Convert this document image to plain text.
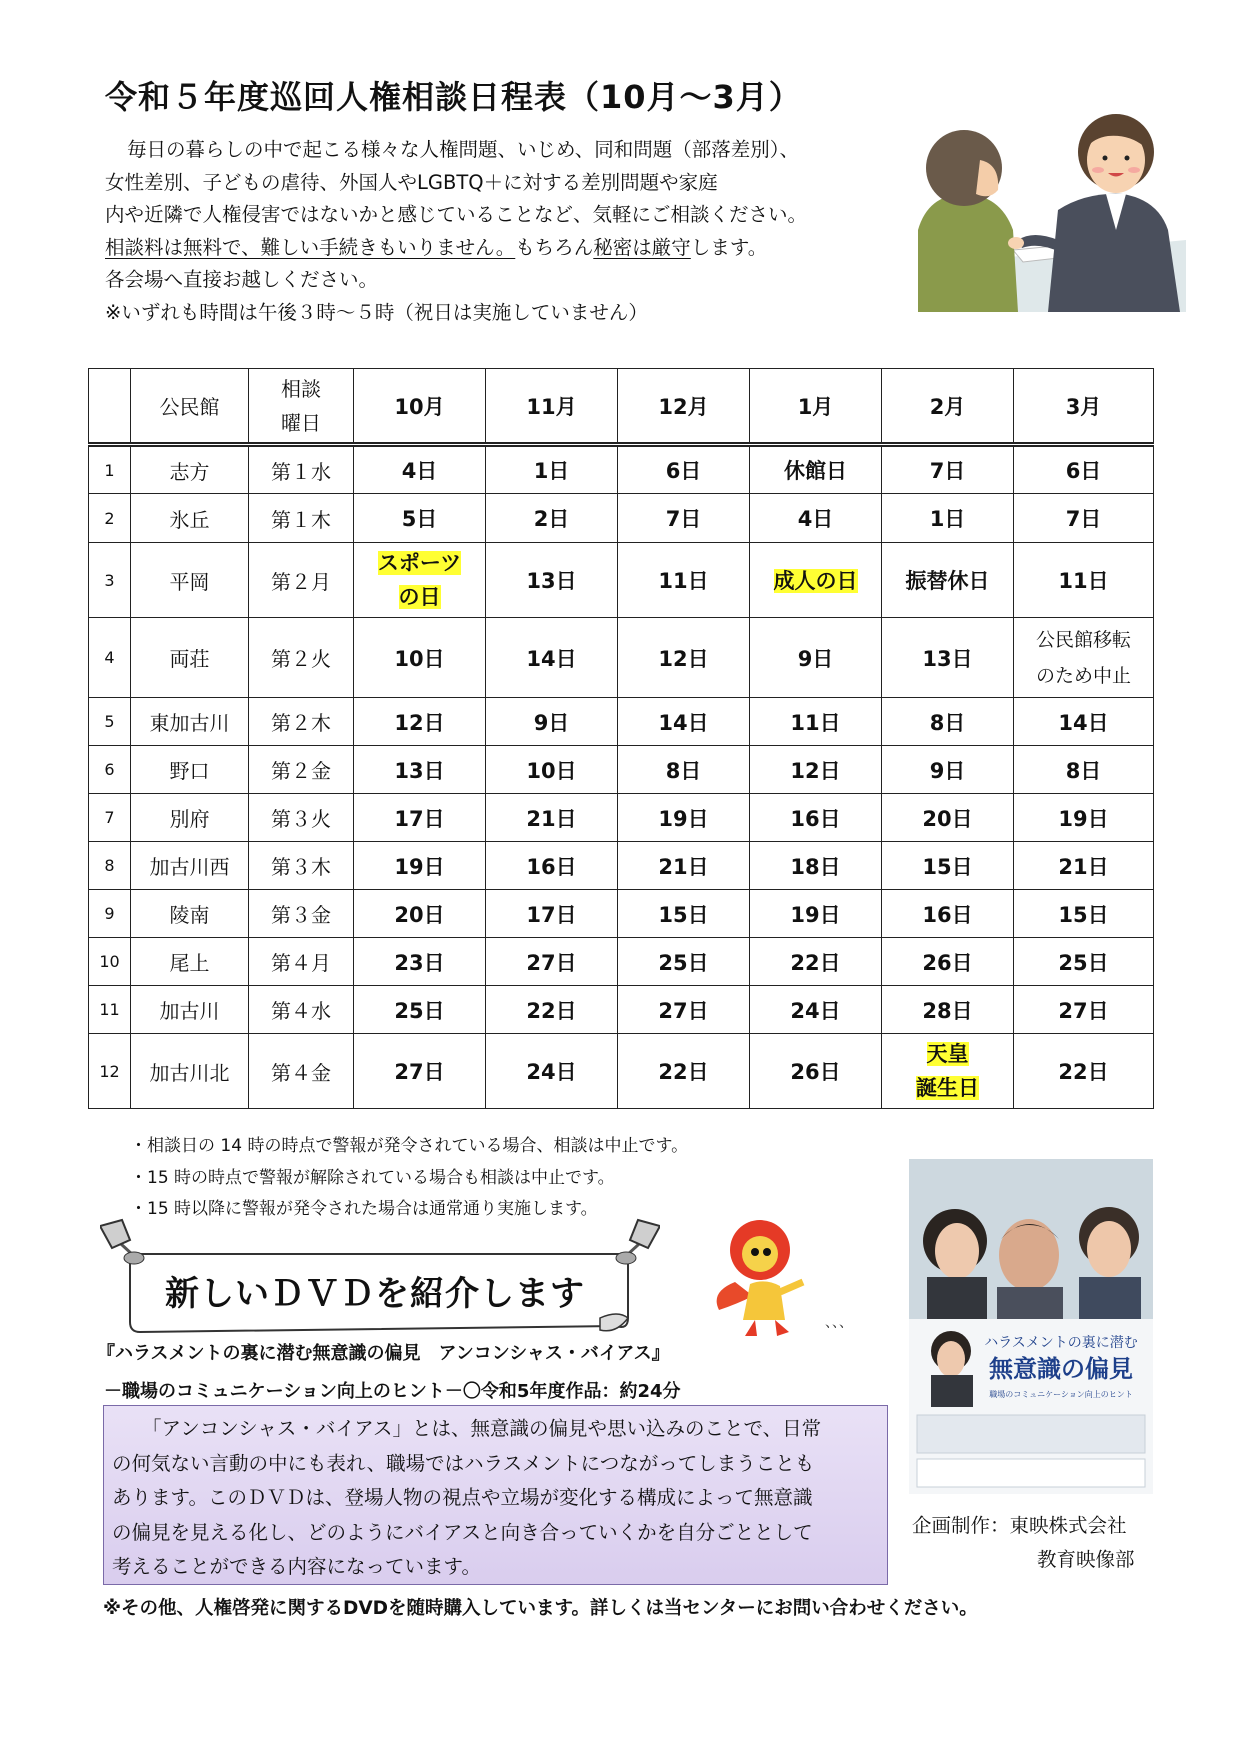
令和５年度巡回人権相談日程表（10月～3月）
毎日の暮らしの中で起こる様々な人権問題、いじめ、同和問題（部落差別）、
女性差別、子どもの虐待、外国人やLGBTQ＋に対する差別問題や家庭
内や近隣で人権侵害ではないかと感じていることなど、気軽にご相談ください。
相談料は無料で、難しい手続きもいりません。もちろん秘密は厳守します。
各会場へ直接お越しください。
※いずれも時間は午後３時～５時（祝日は実施していません）
	公民館	相談
曜日	10月	11月	12月	1月	2月	3月
1	志方	第１水	4日	1日	6日	休館日	7日	6日
2	氷丘	第１木	5日	2日	7日	4日	1日	7日
3	平岡	第２月	スポーツ
の日	13日	11日	成人の日	振替休日	11日
4	両荘	第２火	10日	14日	12日	9日	13日	公民館移転
のため中止

5	東加古川	第２木	12日	9日	14日	11日	8日	14日
6	野口	第２金	13日	10日	8日	12日	9日	8日
7	別府	第３火	17日	21日	19日	16日	20日	19日
8	加古川西	第３木	19日	16日	21日	18日	15日	21日
9	陵南	第３金	20日	17日	15日	19日	16日	15日
10	尾上	第４月	23日	27日	25日	22日	26日	25日
11	加古川	第４水	25日	22日	27日	24日	28日	27日
12	加古川北	第４金	27日	24日	22日	26日	天皇
誕生日	22日
・相談日の 14 時の時点で警報が発令されている場合、相談は中止です。
・15 時の時点で警報が解除されている場合も相談は中止です。
・15 時以降に警報が発令された場合は通常通り実施します。
新しいＤＶＤを紹介します
、、、
『ハラスメントの裏に潜む無意識の偏見　アンコンシャス・バイアス』
－職場のコミュニケーション向上のヒント－〇令和5年度作品：約24分
「アンコンシャス・バイアス」とは、無意識の偏見や思い込みのことで、日常
の何気ない言動の中にも表れ、職場ではハラスメントにつながってしまうことも
あります。このＤＶＤは、登場人物の視点や立場が変化する構成によって無意識
の偏見を見える化し、どのようにバイアスと向き合っていくかを自分ごととして
考えることができる内容になっています。
ハラスメントの裏に潜む
無意識の偏見
職場のコミュニケーション向上のヒント
企画制作：東映株式会社
教育映像部
※その他、人権啓発に関するDVDを随時購入しています。詳しくは当センターにお問い合わせください。
